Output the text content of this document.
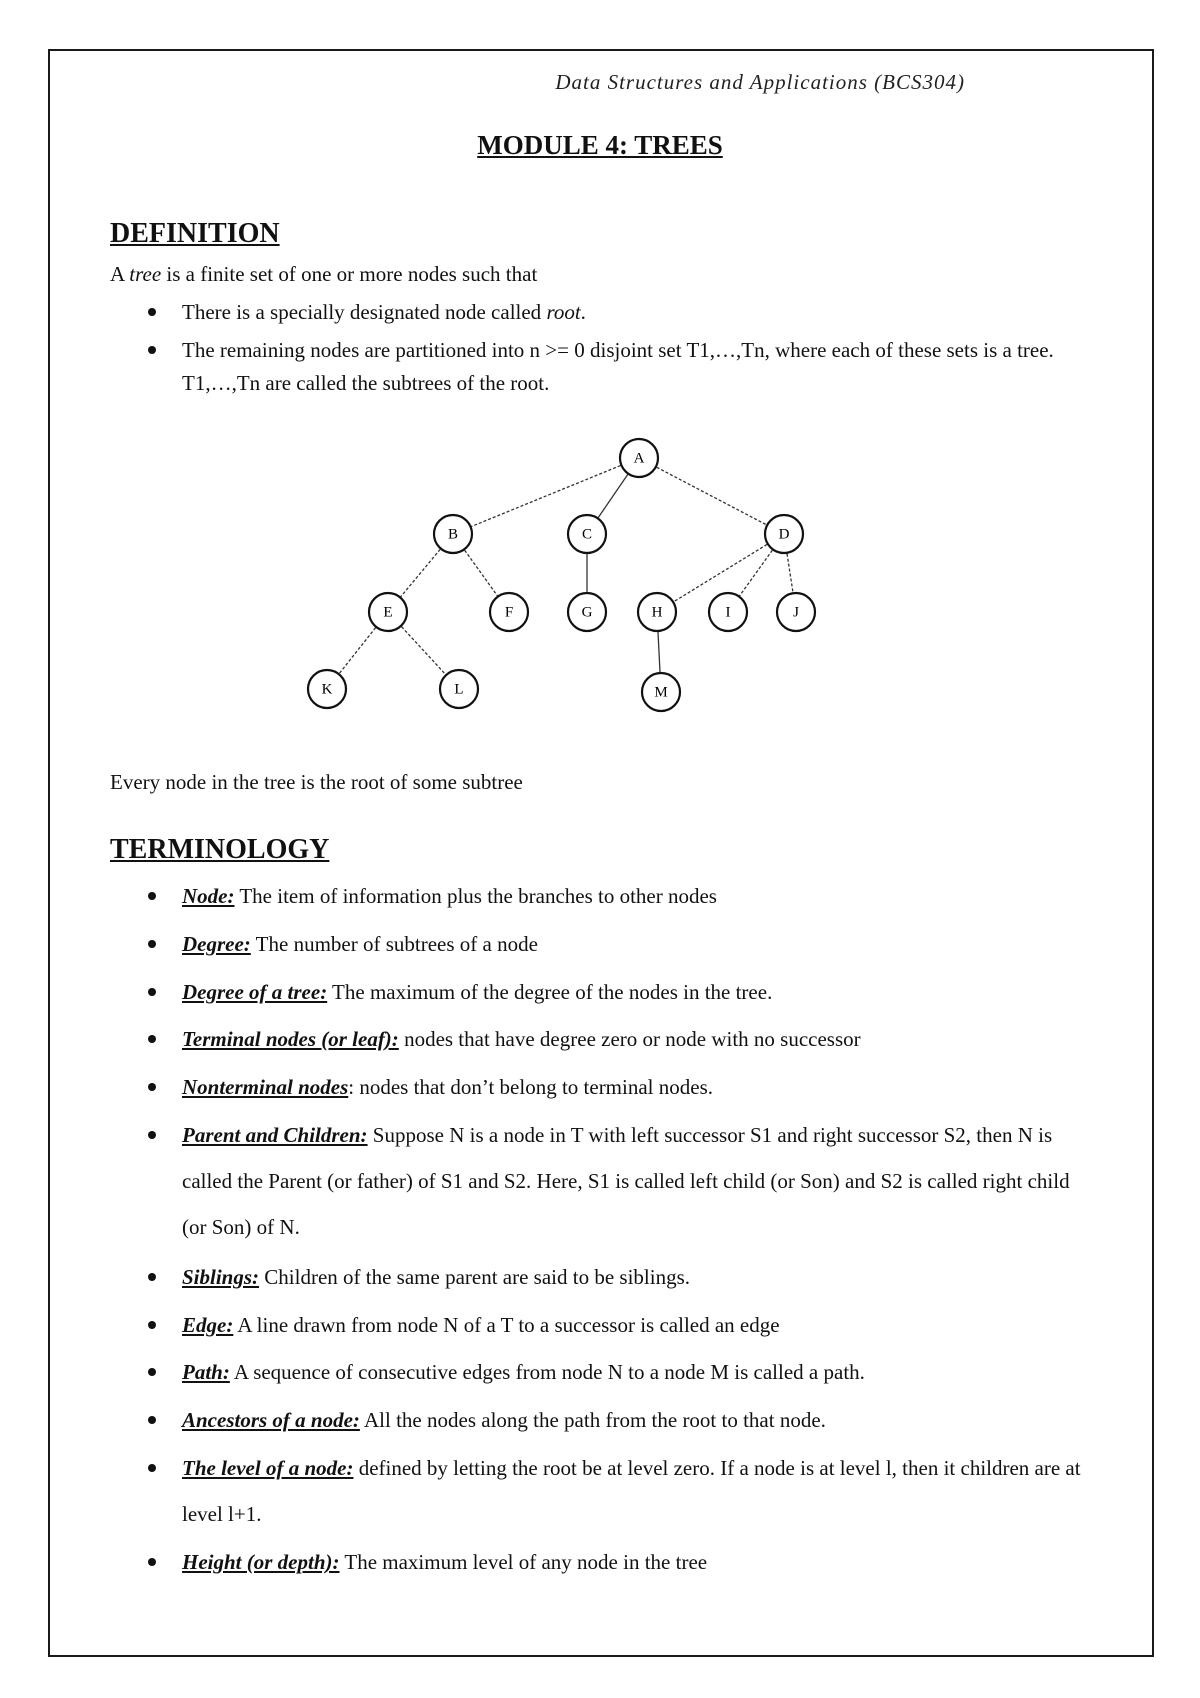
Data Structures and Applications (BCS304)
MODULE 4: TREES
DEFINITION
A tree is a finite set of one or more nodes such that
There is a specially designated node called root.
The remaining nodes are partitioned into n >= 0 disjoint set T1,…,Tn, where each of these sets is a tree. T1,…,Tn are called the subtrees of the root.
A
B	C	D
E	F	G	H	I	J
K	L	M
Every node in the tree is the root of some subtree
TERMINOLOGY
Node: The item of information plus the branches to other nodes
Degree: The number of subtrees of a node
Degree of a tree: The maximum of the degree of the nodes in the tree.
Terminal nodes (or leaf): nodes that have degree zero or node with no successor
Nonterminal nodes: nodes that don’t belong to terminal nodes.
Parent and Children: Suppose N is a node in T with left successor S1 and right successor S2, then N is called the Parent (or father) of S1 and S2. Here, S1 is called left child (or Son) and S2 is called right child (or Son) of N.
Siblings: Children of the same parent are said to be siblings.
Edge: A line drawn from node N of a T to a successor is called an edge
Path: A sequence of consecutive edges from node N to a node M is called a path.
Ancestors of a node: All the nodes along the path from the root to that node.
The level of a node: defined by letting the root be at level zero. If a node is at level l, then it children are at level l+1.
Height (or depth): The maximum level of any node in the tree
